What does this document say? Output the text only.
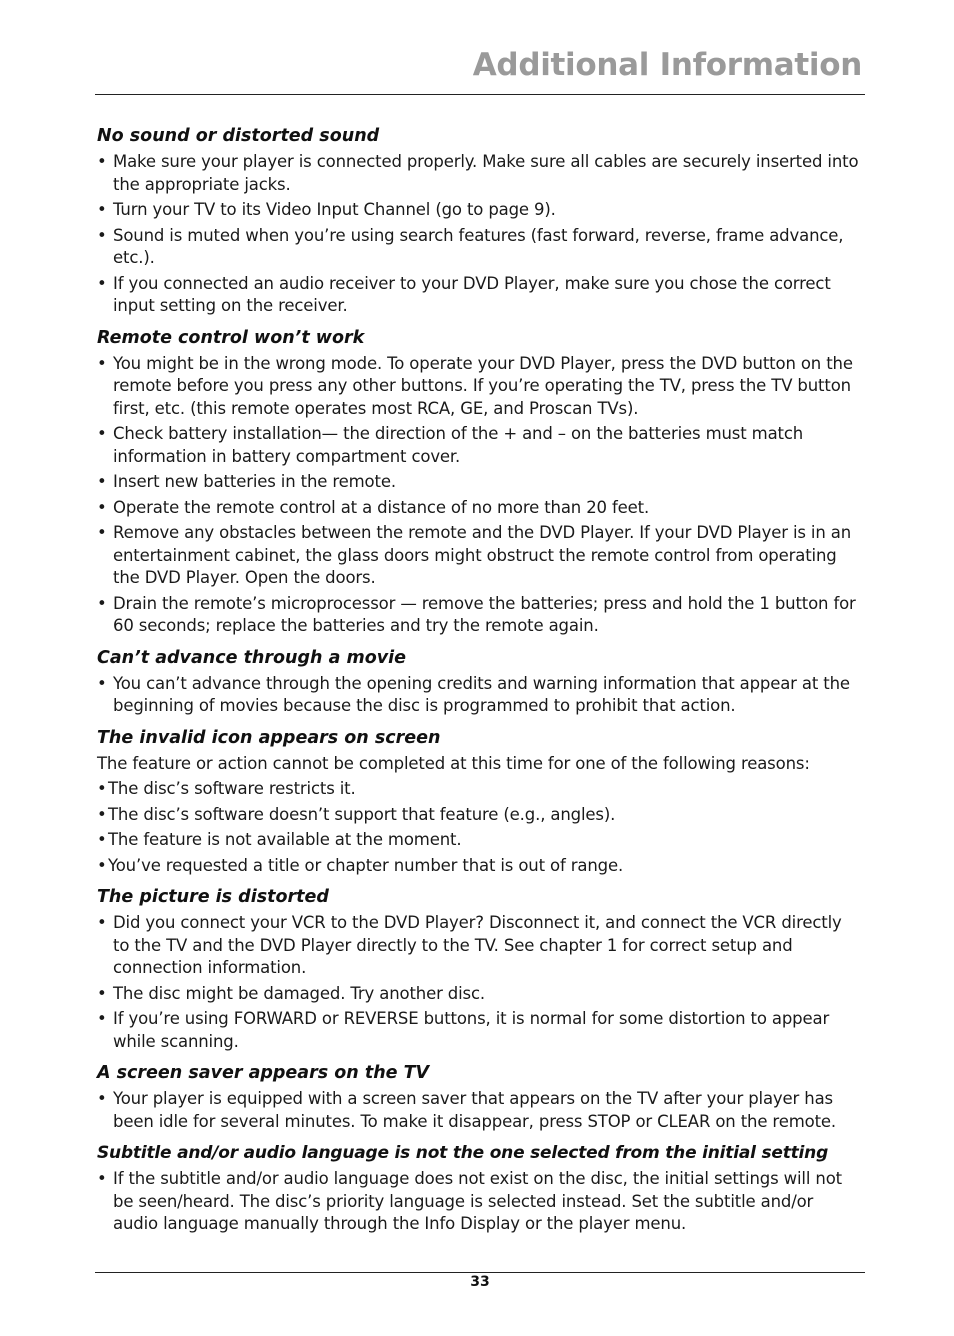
Additional Information
No sound or distorted sound
• Make sure your player is connected properly. Make sure all cables are securely inserted into the appropriate jacks.
• Turn your TV to its Video Input Channel (go to page 9).
• Sound is muted when you’re using search features (fast forward, reverse, frame advance, etc.).
• If you connected an audio receiver to your DVD Player, make sure you chose the correct input setting on the receiver.
Remote control won’t work
• You might be in the wrong mode. To operate your DVD Player, press the DVD button on the remote before you press any other buttons. If you’re operating the TV, press the TV button first, etc. (this remote operates most RCA, GE, and Proscan TVs).
• Check battery installation— the direction of the + and – on the batteries must match information in battery compartment cover.
• Insert new batteries in the remote.
• Operate the remote control at a distance of no more than 20 feet.
• Remove any obstacles between the remote and the DVD Player. If your DVD Player is in an entertainment cabinet, the glass doors might obstruct the remote control from operating the DVD Player. Open the doors.
• Drain the remote’s microprocessor — remove the batteries; press and hold the 1 button for 60 seconds; replace the batteries and try the remote again.
Can’t advance through a movie
• You can’t advance through the opening credits and warning information that appear at the beginning of movies because the disc is programmed to prohibit that action.
The invalid icon appears on screen

The feature or action cannot be completed at this time for one of the following reasons:

• The disc’s software restricts it.
• The disc’s software doesn’t support that feature (e.g., angles).
• The feature is not available at the moment.
• You’ve requested a title or chapter number that is out of range.
The picture is distorted
• Did you connect your VCR to the DVD Player? Disconnect it, and connect the VCR directly to the TV and the DVD Player directly to the TV. See chapter 1 for correct setup and connection information.
• The disc might be damaged. Try another disc.
• If you’re using FORWARD or REVERSE buttons, it is normal for some distortion to appear while scanning.
A screen saver appears on the TV
• Your player is equipped with a screen saver that appears on the TV after your player has been idle for several minutes. To make it disappear, press STOP or CLEAR on the remote.
Subtitle and/or audio language is not the one selected from the initial setting
• If the subtitle and/or audio language does not exist on the disc, the initial settings will not be seen/heard. The disc’s priority language is selected instead. Set the subtitle and/or audio language manually through the Info Display or the player menu.
33
